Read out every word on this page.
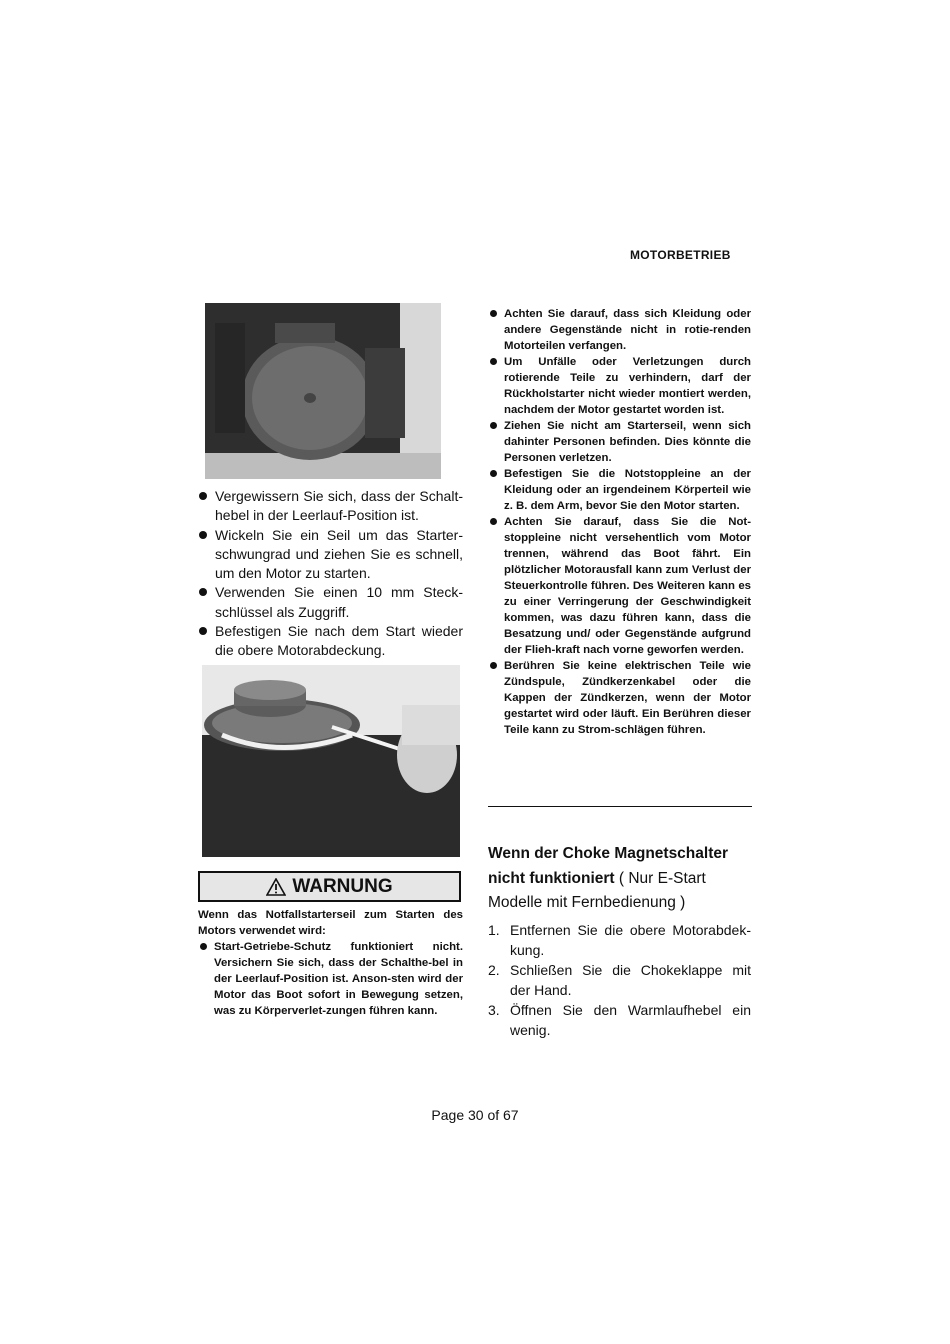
MOTORBETRIEB
Vergewissern Sie sich, dass der Schalt-hebel in der Leerlauf-Position ist.
Wickeln Sie ein Seil um das Starter-schwungrad und ziehen Sie es schnell, um den Motor zu starten.
Verwenden Sie einen 10 mm Steck-schlüssel als Zuggriff.
Befestigen Sie nach dem Start wieder die obere Motorabdeckung.
WARNUNG
Wenn das Notfallstarterseil zum Starten des Motors verwendet wird:
Start-Getriebe-Schutz funktioniert nicht. Versichern Sie sich, dass der Schalthe-bel in der Leerlauf-Position ist. Anson-sten wird der Motor das Boot sofort in Bewegung setzen, was zu Körperverlet-zungen führen kann.
Achten Sie darauf, dass sich Kleidung oder andere Gegenstände nicht in rotie-renden Motorteilen verfangen.
Um Unfälle oder Verletzungen durch rotierende Teile zu verhindern, darf der Rückholstarter nicht wieder montiert werden, nachdem der Motor gestartet worden ist.
Ziehen Sie nicht am Starterseil, wenn sich dahinter Personen befinden. Dies könnte die Personen verletzen.
Befestigen Sie die Notstoppleine an der Kleidung oder an irgendeinem Körperteil wie z. B. dem Arm, bevor Sie den Motor starten.
Achten Sie darauf, dass Sie die Not-stoppleine nicht versehentlich vom Motor trennen, während das Boot fährt. Ein plötzlicher Motorausfall kann zum Verlust der Steuerkontrolle führen. Des Weiteren kann es zu einer Verringerung der Geschwindigkeit kommen, was dazu führen kann, dass die Besatzung und/ oder Gegenstände aufgrund der Flieh-kraft nach vorne geworfen werden.
Berühren Sie keine elektrischen Teile wie Zündspule, Zündkerzenkabel oder die Kappen der Zündkerzen, wenn der Motor gestartet wird oder läuft. Ein Berühren dieser Teile kann zu Strom-schlägen führen.
Wenn der Choke Magnetschalter nicht funktioniert ( Nur E-Start Modelle mit Fernbedienung )
1. Entfernen Sie die obere Motorabdek-kung.
2. Schließen Sie die Chokeklappe mit der Hand.
3. Öffnen Sie den Warmlaufhebel ein wenig.
Page 30 of 67
